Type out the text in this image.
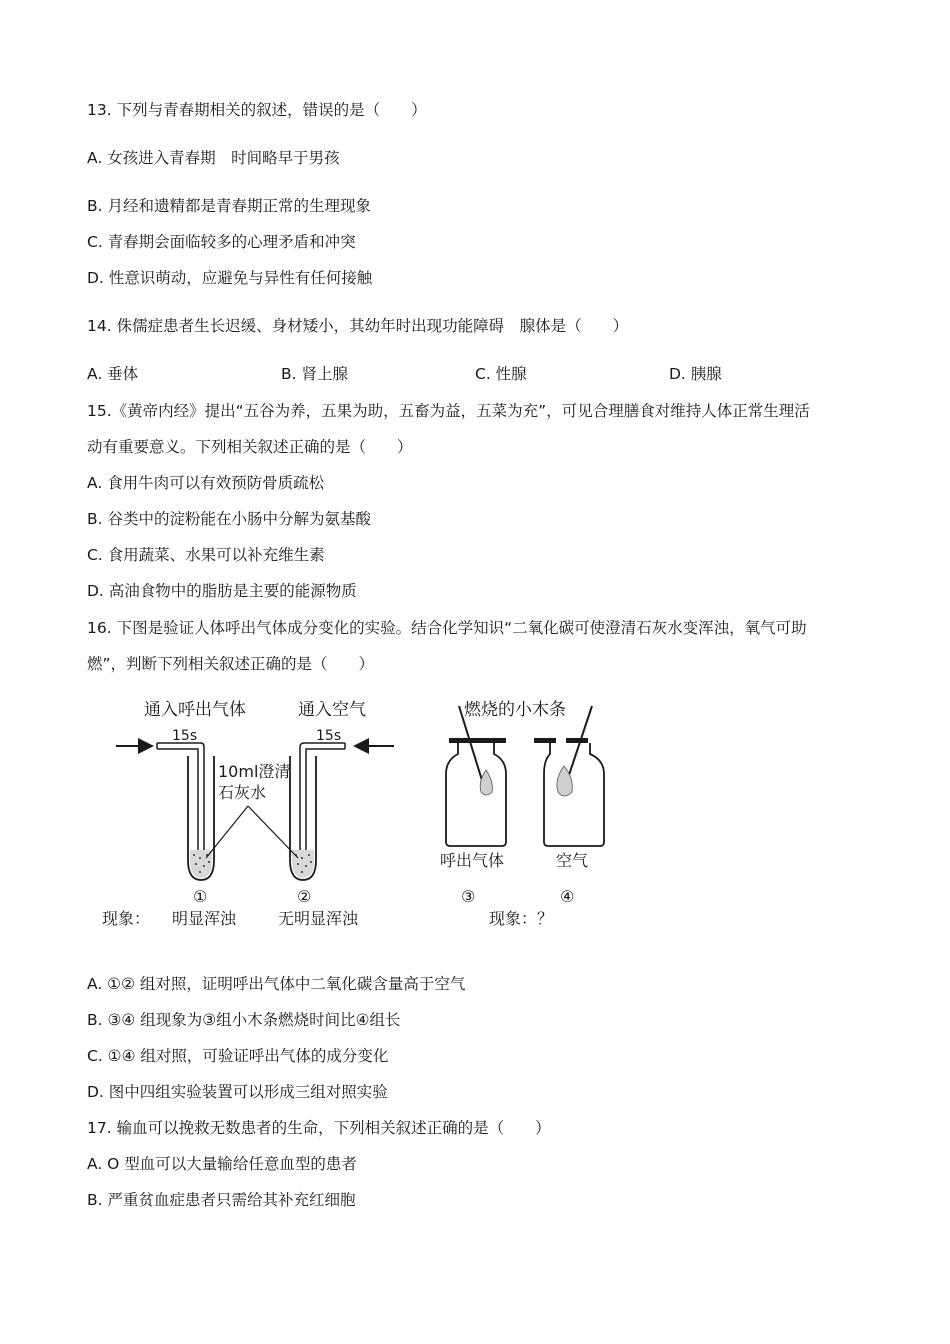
13. 下列与青春期相关的叙述，错误的是（　　）
A. 女孩进入青春期　时间略早于男孩
B. 月经和遗精都是青春期正常的生理现象
C. 青春期会面临较多的心理矛盾和冲突
D. 性意识萌动，应避免与异性有任何接触
14. 侏儒症患者生长迟缓、身材矮小，其幼年时出现功能障碍　腺体是（　　）
A. 垂体	B. 肾上腺	C. 性腺	D. 胰腺
15.《黄帝内经》提出“五谷为养，五果为助，五畜为益，五菜为充”，可见合理膳食对维持人体正常生理活
动有重要意义。下列相关叙述正确的是（　　）
A. 食用牛肉可以有效预防骨质疏松
B. 谷类中的淀粉能在小肠中分解为氨基酸
C. 食用蔬菜、水果可以补充维生素
D. 高油食物中的脂肪是主要的能源物质
16. 下图是验证人体呼出气体成分变化的实验。结合化学知识“二氧化碳可使澄清石灰水变浑浊，氧气可助
燃”，判断下列相关叙述正确的是（　　）
通入呼出气体	通入空气	燃烧的小木条
15s	15s
10ml澄清
石灰水
①	②
现象： 明显浑浊	无明显浑浊
呼出气体
③
空气
④
现象：？
A. ①② 组对照，证明呼出气体中二氧化碳含量高于空气
B. ③④ 组现象为③组小木条燃烧时间比④组长
C. ①④ 组对照，可验证呼出气体的成分变化
D. 图中四组实验装置可以形成三组对照实验
17. 输血可以挽救无数患者的生命，下列相关叙述正确的是（　　）
A. O 型血可以大量输给任意血型的患者
B. 严重贫血症患者只需给其补充红细胞
